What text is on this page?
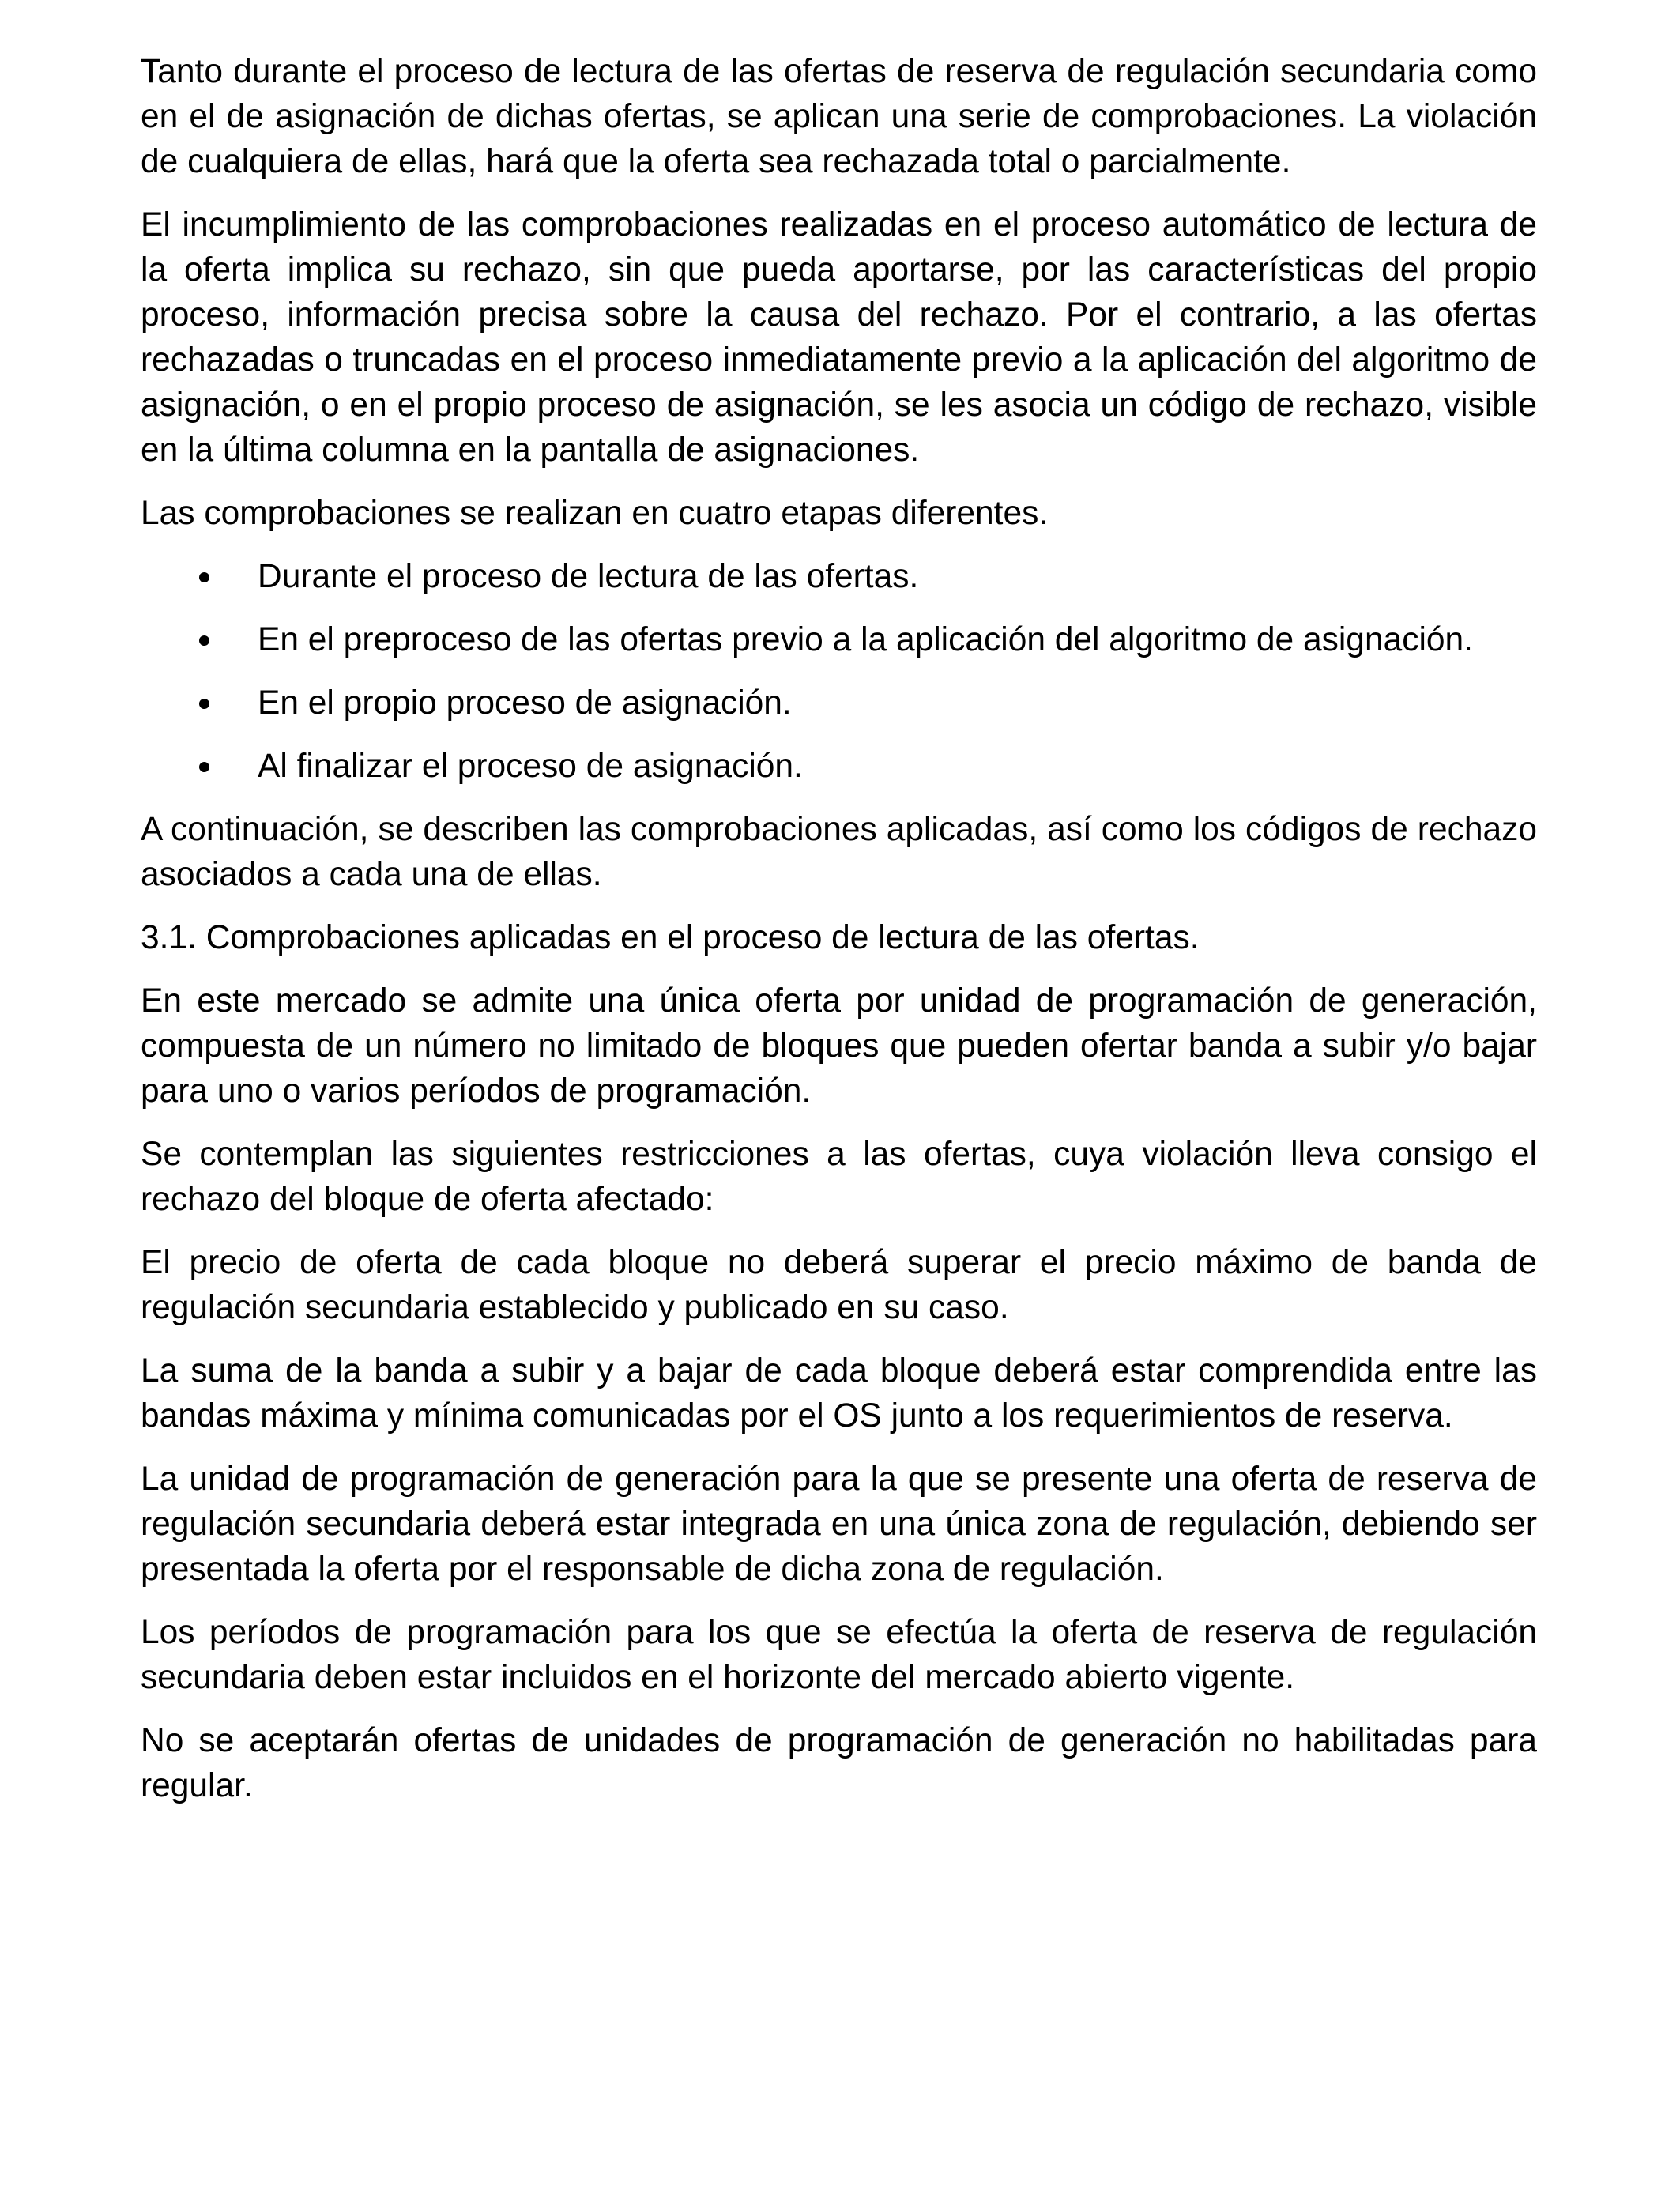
Tanto durante el proceso de lectura de las ofertas de reserva de regulación secundaria como en el de asignación de dichas ofertas, se aplican una serie de comprobaciones. La violación de cualquiera de ellas, hará que la oferta sea rechazada total o parcialmente.

El incumplimiento de las comprobaciones realizadas en el proceso automático de lectura de la oferta implica su rechazo, sin que pueda aportarse, por las características del propio proceso, información precisa sobre la causa del rechazo. Por el contrario, a las ofertas rechazadas o truncadas en el proceso inmediatamente previo a la aplicación del algoritmo de asignación, o en el propio proceso de asignación, se les asocia un código de rechazo, visible en la última columna en la pantalla de asignaciones.

Las comprobaciones se realizan en cuatro etapas diferentes.

Durante el proceso de lectura de las ofertas.
En el preproceso de las ofertas previo a la aplicación del algoritmo de asignación.
En el propio proceso de asignación.
Al finalizar el proceso de asignación.

A continuación, se describen las comprobaciones aplicadas, así como los códigos de rechazo asociados a cada una de ellas.

3.1. Comprobaciones aplicadas en el proceso de lectura de las ofertas.

En este mercado se admite una única oferta por unidad de programación de generación, compuesta de un número no limitado de bloques que pueden ofertar banda a subir y/o bajar para uno o varios períodos de programación.

Se contemplan las siguientes restricciones a las ofertas, cuya violación lleva consigo el rechazo del bloque de oferta afectado:

El precio de oferta de cada bloque no deberá superar el precio máximo de banda de regulación secundaria establecido y publicado en su caso.

La suma de la banda a subir y a bajar de cada bloque deberá estar comprendida entre las bandas máxima y mínima comunicadas por el OS junto a los requerimientos de reserva.

La unidad de programación de generación para la que se presente una oferta de reserva de regulación secundaria deberá estar integrada en una única zona de regulación, debiendo ser presentada la oferta por el responsable de dicha zona de regulación.

Los períodos de programación para los que se efectúa la oferta de reserva de regulación secundaria deben estar incluidos en el horizonte del mercado abierto vigente.

No se aceptarán ofertas de unidades de programación de generación no habilitadas para regular.
